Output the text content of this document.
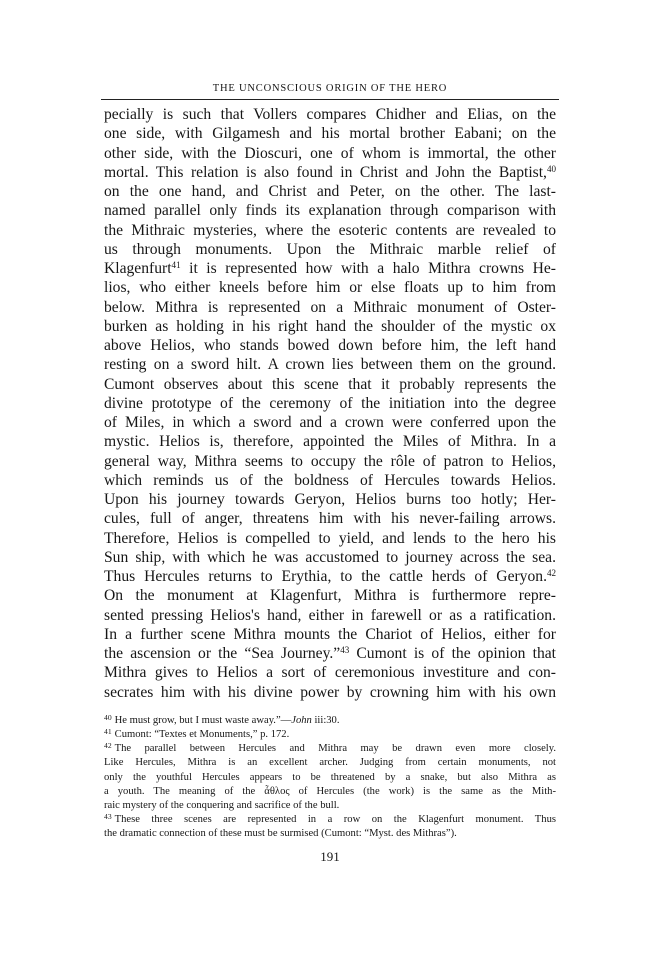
THE UNCONSCIOUS ORIGIN OF THE HERO
pecially is such that Vollers compares Chidher and Elias, on the
one side, with Gilgamesh and his mortal brother Eabani; on the
other side, with the Dioscuri, one of whom is immortal, the other
mortal. This relation is also found in Christ and John the Baptist,$^{40}$
on the one hand, and Christ and Peter, on the other. The last-
named parallel only finds its explanation through comparison with
the Mithraic mysteries, where the esoteric contents are revealed to
us through monuments. Upon the Mithraic marble relief of
Klagenfurt$^{41}$ it is represented how with a halo Mithra crowns He-
lios, who either kneels before him or else floats up to him from
below. Mithra is represented on a Mithraic monument of Oster-
burken as holding in his right hand the shoulder of the mystic ox
above Helios, who stands bowed down before him, the left hand
resting on a sword hilt. A crown lies between them on the ground.
Cumont observes about this scene that it probably represents the
divine prototype of the ceremony of the initiation into the degree
of Miles, in which a sword and a crown were conferred upon the
mystic. Helios is, therefore, appointed the Miles of Mithra. In a
general way, Mithra seems to occupy the rôle of patron to Helios,
which reminds us of the boldness of Hercules towards Helios.
Upon his journey towards Geryon, Helios burns too hotly; Her-
cules, full of anger, threatens him with his never-failing arrows.
Therefore, Helios is compelled to yield, and lends to the hero his
Sun ship, with which he was accustomed to journey across the sea.
Thus Hercules returns to Erythia, to the cattle herds of Geryon.$^{42}$
On the monument at Klagenfurt, Mithra is furthermore repre-
sented pressing Helios's hand, either in farewell or as a ratification.
In a further scene Mithra mounts the Chariot of Helios, either for
the ascension or the “Sea Journey.”$^{43}$ Cumont is of the opinion that
Mithra gives to Helios a sort of ceremonious investiture and con-
secrates him with his divine power by crowning him with his own
$^{40}$ He must grow, but I must waste away.”—John iii:30.
$^{41}$ Cumont: “Textes et Monuments,” p. 172.
$^{42}$ The parallel between Hercules and Mithra may be drawn even more closely.
Like Hercules, Mithra is an excellent archer. Judging from certain monuments, not
only the youthful Hercules appears to be threatened by a snake, but also Mithra as
a youth. The meaning of the ἆθλος of Hercules (the work) is the same as the Mith-
raic mystery of the conquering and sacrifice of the bull.
$^{43}$ These three scenes are represented in a row on the Klagenfurt monument. Thus
the dramatic connection of these must be surmised (Cumont: “Myst. des Mithras”).
191
